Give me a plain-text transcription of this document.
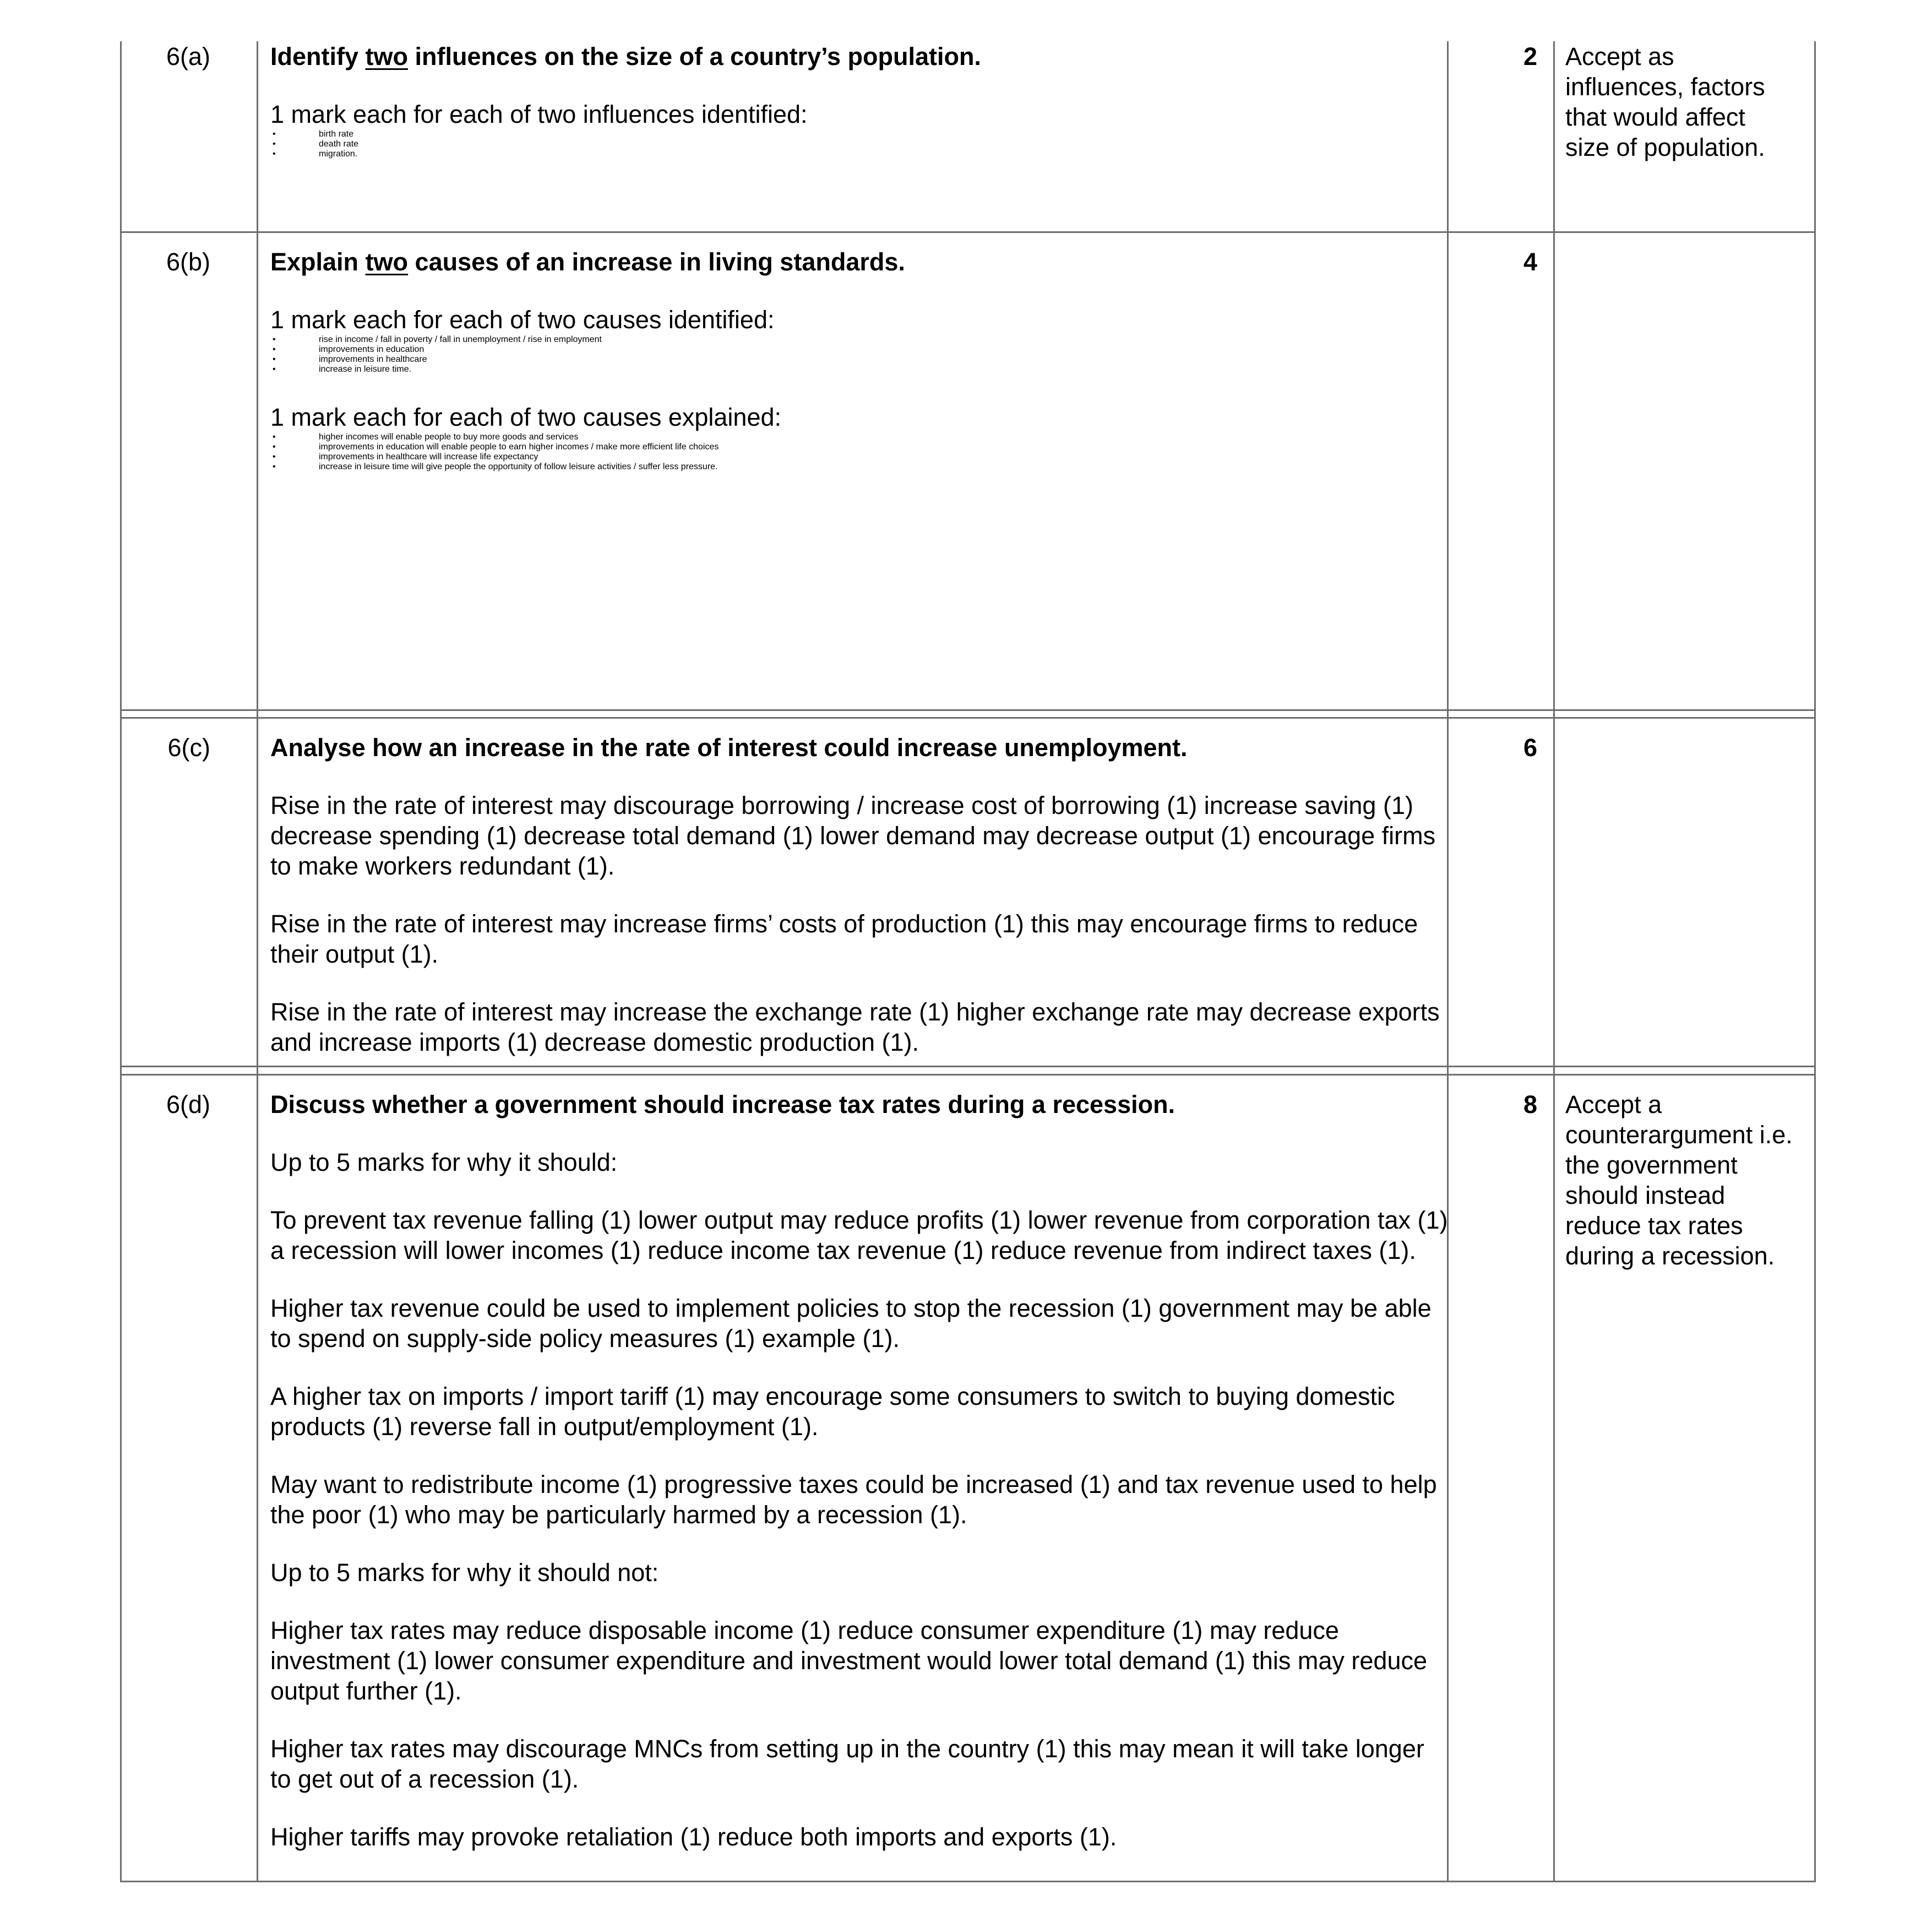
6(a) Identify two influences on the size of a country’s population.

1 mark each for each of two influences identified:

• birth rate
• death rate
• migration.
2 Accept as
influences, factors
that would affect
size of population.
6(b) Explain two causes of an increase in living standards.

1 mark each for each of two causes identified:

• rise in income / fall in poverty / fall in unemployment / rise in employment
• improvements in education
• improvements in healthcare
• increase in leisure time.

1 mark each for each of two causes explained:

• higher incomes will enable people to buy more goods and services
• improvements in education will enable people to earn higher incomes / make more efficient life choices
• improvements in healthcare will increase life expectancy
• increase in leisure time will give people the opportunity of follow leisure activities / suffer less pressure.
4
6(c) Analyse how an increase in the rate of interest could increase unemployment.

Rise in the rate of interest may discourage borrowing / increase cost of borrowing (1) increase saving (1) decrease spending (1) decrease total demand (1) lower demand may decrease output (1) encourage firms to make workers redundant (1).

Rise in the rate of interest may increase firms’ costs of production (1) this may encourage firms to reduce their output (1).

Rise in the rate of interest may increase the exchange rate (1) higher exchange rate may decrease exports and increase imports (1) decrease domestic production (1).

6
6(d) Discuss whether a government should increase tax rates during a recession.

Up to 5 marks for why it should:

To prevent tax revenue falling (1) lower output may reduce profits (1) lower revenue from corporation tax (1) a recession will lower incomes (1) reduce income tax revenue (1) reduce revenue from indirect taxes (1).

Higher tax revenue could be used to implement policies to stop the recession (1) government may be able to spend on supply-side policy measures (1) example (1).

A higher tax on imports / import tariff (1) may encourage some consumers to switch to buying domestic products (1) reverse fall in output/employment (1).

May want to redistribute income (1) progressive taxes could be increased (1) and tax revenue used to help the poor (1) who may be particularly harmed by a recession (1).

Up to 5 marks for why it should not:

Higher tax rates may reduce disposable income (1) reduce consumer expenditure (1) may reduce investment (1) lower consumer expenditure and investment would lower total demand (1) this may reduce output further (1).

Higher tax rates may discourage MNCs from setting up in the country (1) this may mean it will take longer to get out of a recession (1).

Higher tariffs may provoke retaliation (1) reduce both imports and exports (1).

8 Accept a
counterargument i.e.
the government
should instead
reduce tax rates
during a recession.
